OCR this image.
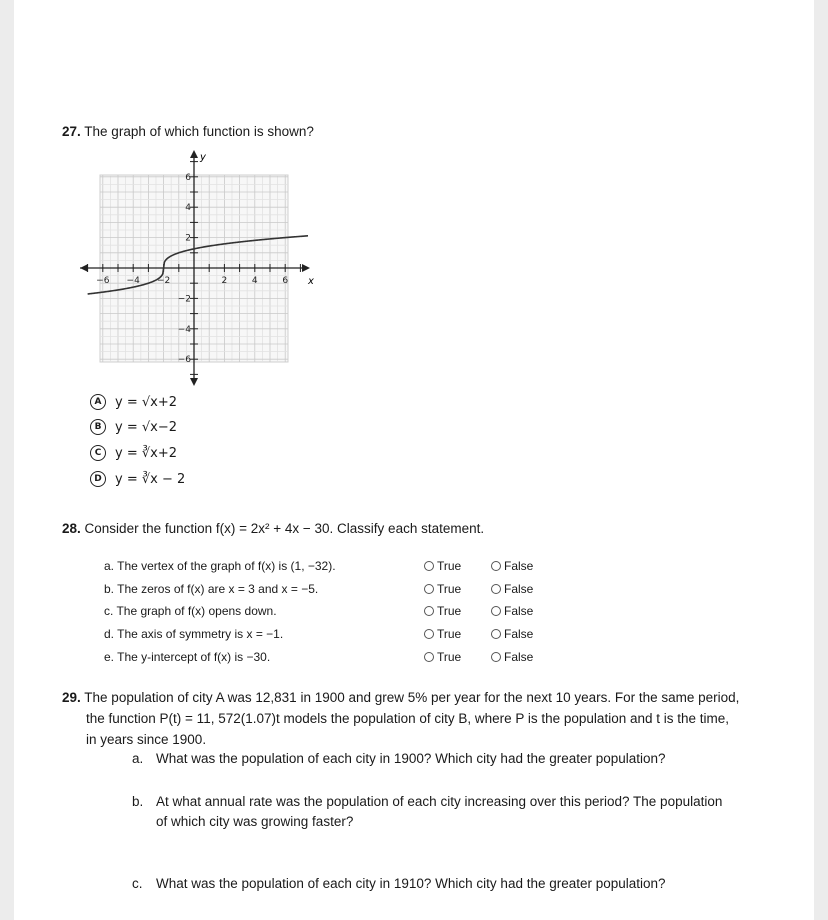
27. The graph of which function is shown?
−6 −4 −2	2	4	6
6
4
2
−2
−4
−6
x
y
A	y = √x+2
B	y = √x−2
C	y = ∛x+2
D	y = ∛x − 2
28. Consider the function f(x) = 2x² + 4x − 30. Classify each statement.
a. The vertex of the graph of f(x) is (1, −32).	True	False
b. The zeros of f(x) are x = 3 and x = −5.	True	False
c. The graph of f(x) opens down.	True	False
d. The axis of symmetry is x = −1.	True	False
e. The y-intercept of f(x) is −30.	True	False
29. The population of city A was 12,831 in 1900 and grew 5% per year for the next 10 years. For the same period,
the function P(t) = 11, 572(1.07)t models the population of city B, where P is the population and t is the time,
in years since 1900.
a. What was the population of each city in 1900? Which city had the greater population?
b. At what annual rate was the population of each city increasing over this period? The population
of which city was growing faster?
c. What was the population of each city in 1910? Which city had the greater population?
